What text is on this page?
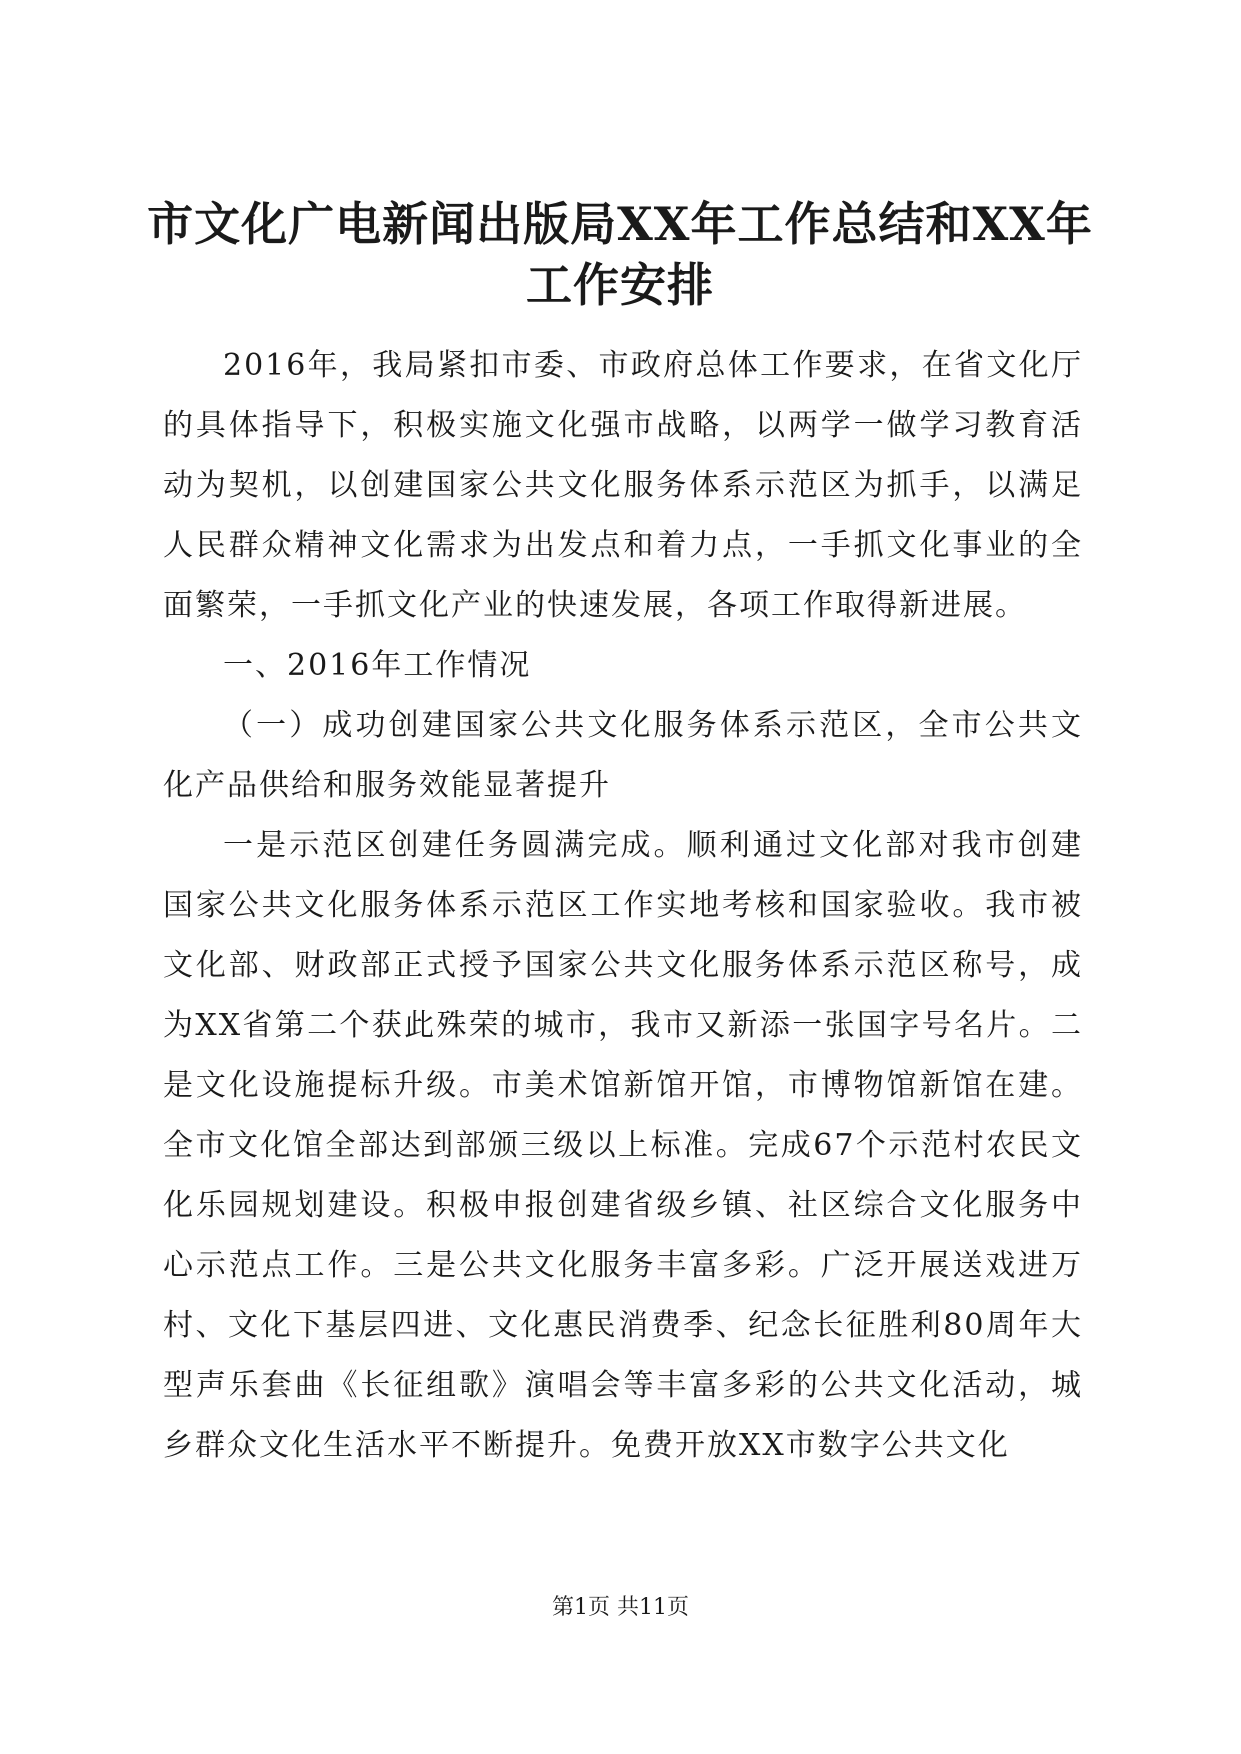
市文化广电新闻出版局XX年工作总结和XX年
工作安排

2016年，我局紧扣市委、市政府总体工作要求，在省文化厅的具体指导下，积极实施文化强市战略，以两学一做学习教育活动为契机，以创建国家公共文化服务体系示范区为抓手，以满足人民群众精神文化需求为出发点和着力点，一手抓文化事业的全面繁荣，一手抓文化产业的快速发展，各项工作取得新进展。

一、2016年工作情况

（一）成功创建国家公共文化服务体系示范区，全市公共文化产品供给和服务效能显著提升

一是示范区创建任务圆满完成。顺利通过文化部对我市创建国家公共文化服务体系示范区工作实地考核和国家验收。我市被文化部、财政部正式授予国家公共文化服务体系示范区称号，成为XX省第二个获此殊荣的城市，我市又新添一张国字号名片。二是文化设施提标升级。市美术馆新馆开馆，市博物馆新馆在建。全市文化馆全部达到部颁三级以上标准。完成67个示范村农民文化乐园规划建设。积极申报创建省级乡镇、社区综合文化服务中心示范点工作。三是公共文化服务丰富多彩。广泛开展送戏进万村、文化下基层四进、文化惠民消费季、纪念长征胜利80周年大型声乐套曲《长征组歌》演唱会等丰富多彩的公共文化活动，城乡群众文化生活水平不断提升。免费开放XX市数字公共文化

第1页 共11页
